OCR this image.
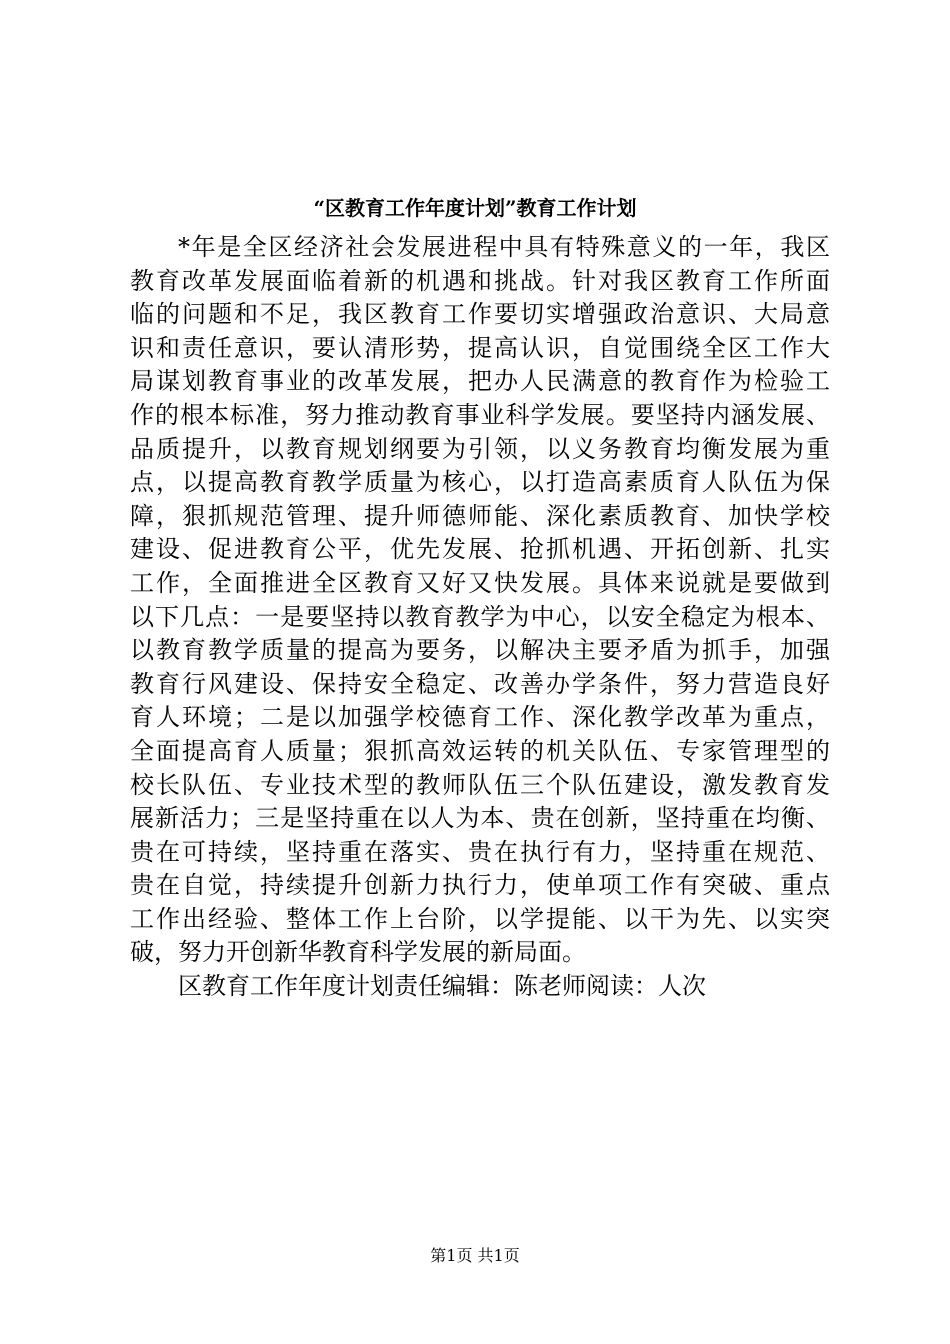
“区教育工作年度计划”教育工作计划
*年是全区经济社会发展进程中具有特殊意义的一年，我区
教育改革发展面临着新的机遇和挑战。针对我区教育工作所面
临的问题和不足，我区教育工作要切实增强政治意识、大局意
识和责任意识，要认清形势，提高认识，自觉围绕全区工作大
局谋划教育事业的改革发展，把办人民满意的教育作为检验工
作的根本标准，努力推动教育事业科学发展。要坚持内涵发展、
品质提升，以教育规划纲要为引领，以义务教育均衡发展为重
点，以提高教育教学质量为核心，以打造高素质育人队伍为保
障，狠抓规范管理、提升师德师能、深化素质教育、加快学校
建设、促进教育公平，优先发展、抢抓机遇、开拓创新、扎实
工作，全面推进全区教育又好又快发展。具体来说就是要做到
以下几点：一是要坚持以教育教学为中心，以安全稳定为根本、
以教育教学质量的提高为要务，以解决主要矛盾为抓手，加强
教育行风建设、保持安全稳定、改善办学条件，努力营造良好
育人环境；二是以加强学校德育工作、深化教学改革为重点，
全面提高育人质量；狠抓高效运转的机关队伍、专家管理型的
校长队伍、专业技术型的教师队伍三个队伍建设，激发教育发
展新活力；三是坚持重在以人为本、贵在创新，坚持重在均衡、
贵在可持续，坚持重在落实、贵在执行有力，坚持重在规范、
贵在自觉，持续提升创新力执行力，使单项工作有突破、重点
工作出经验、整体工作上台阶，以学提能、以干为先、以实突
破，努力开创新华教育科学发展的新局面。
区教育工作年度计划责任编辑：陈老师阅读：人次
第1页 共1页
